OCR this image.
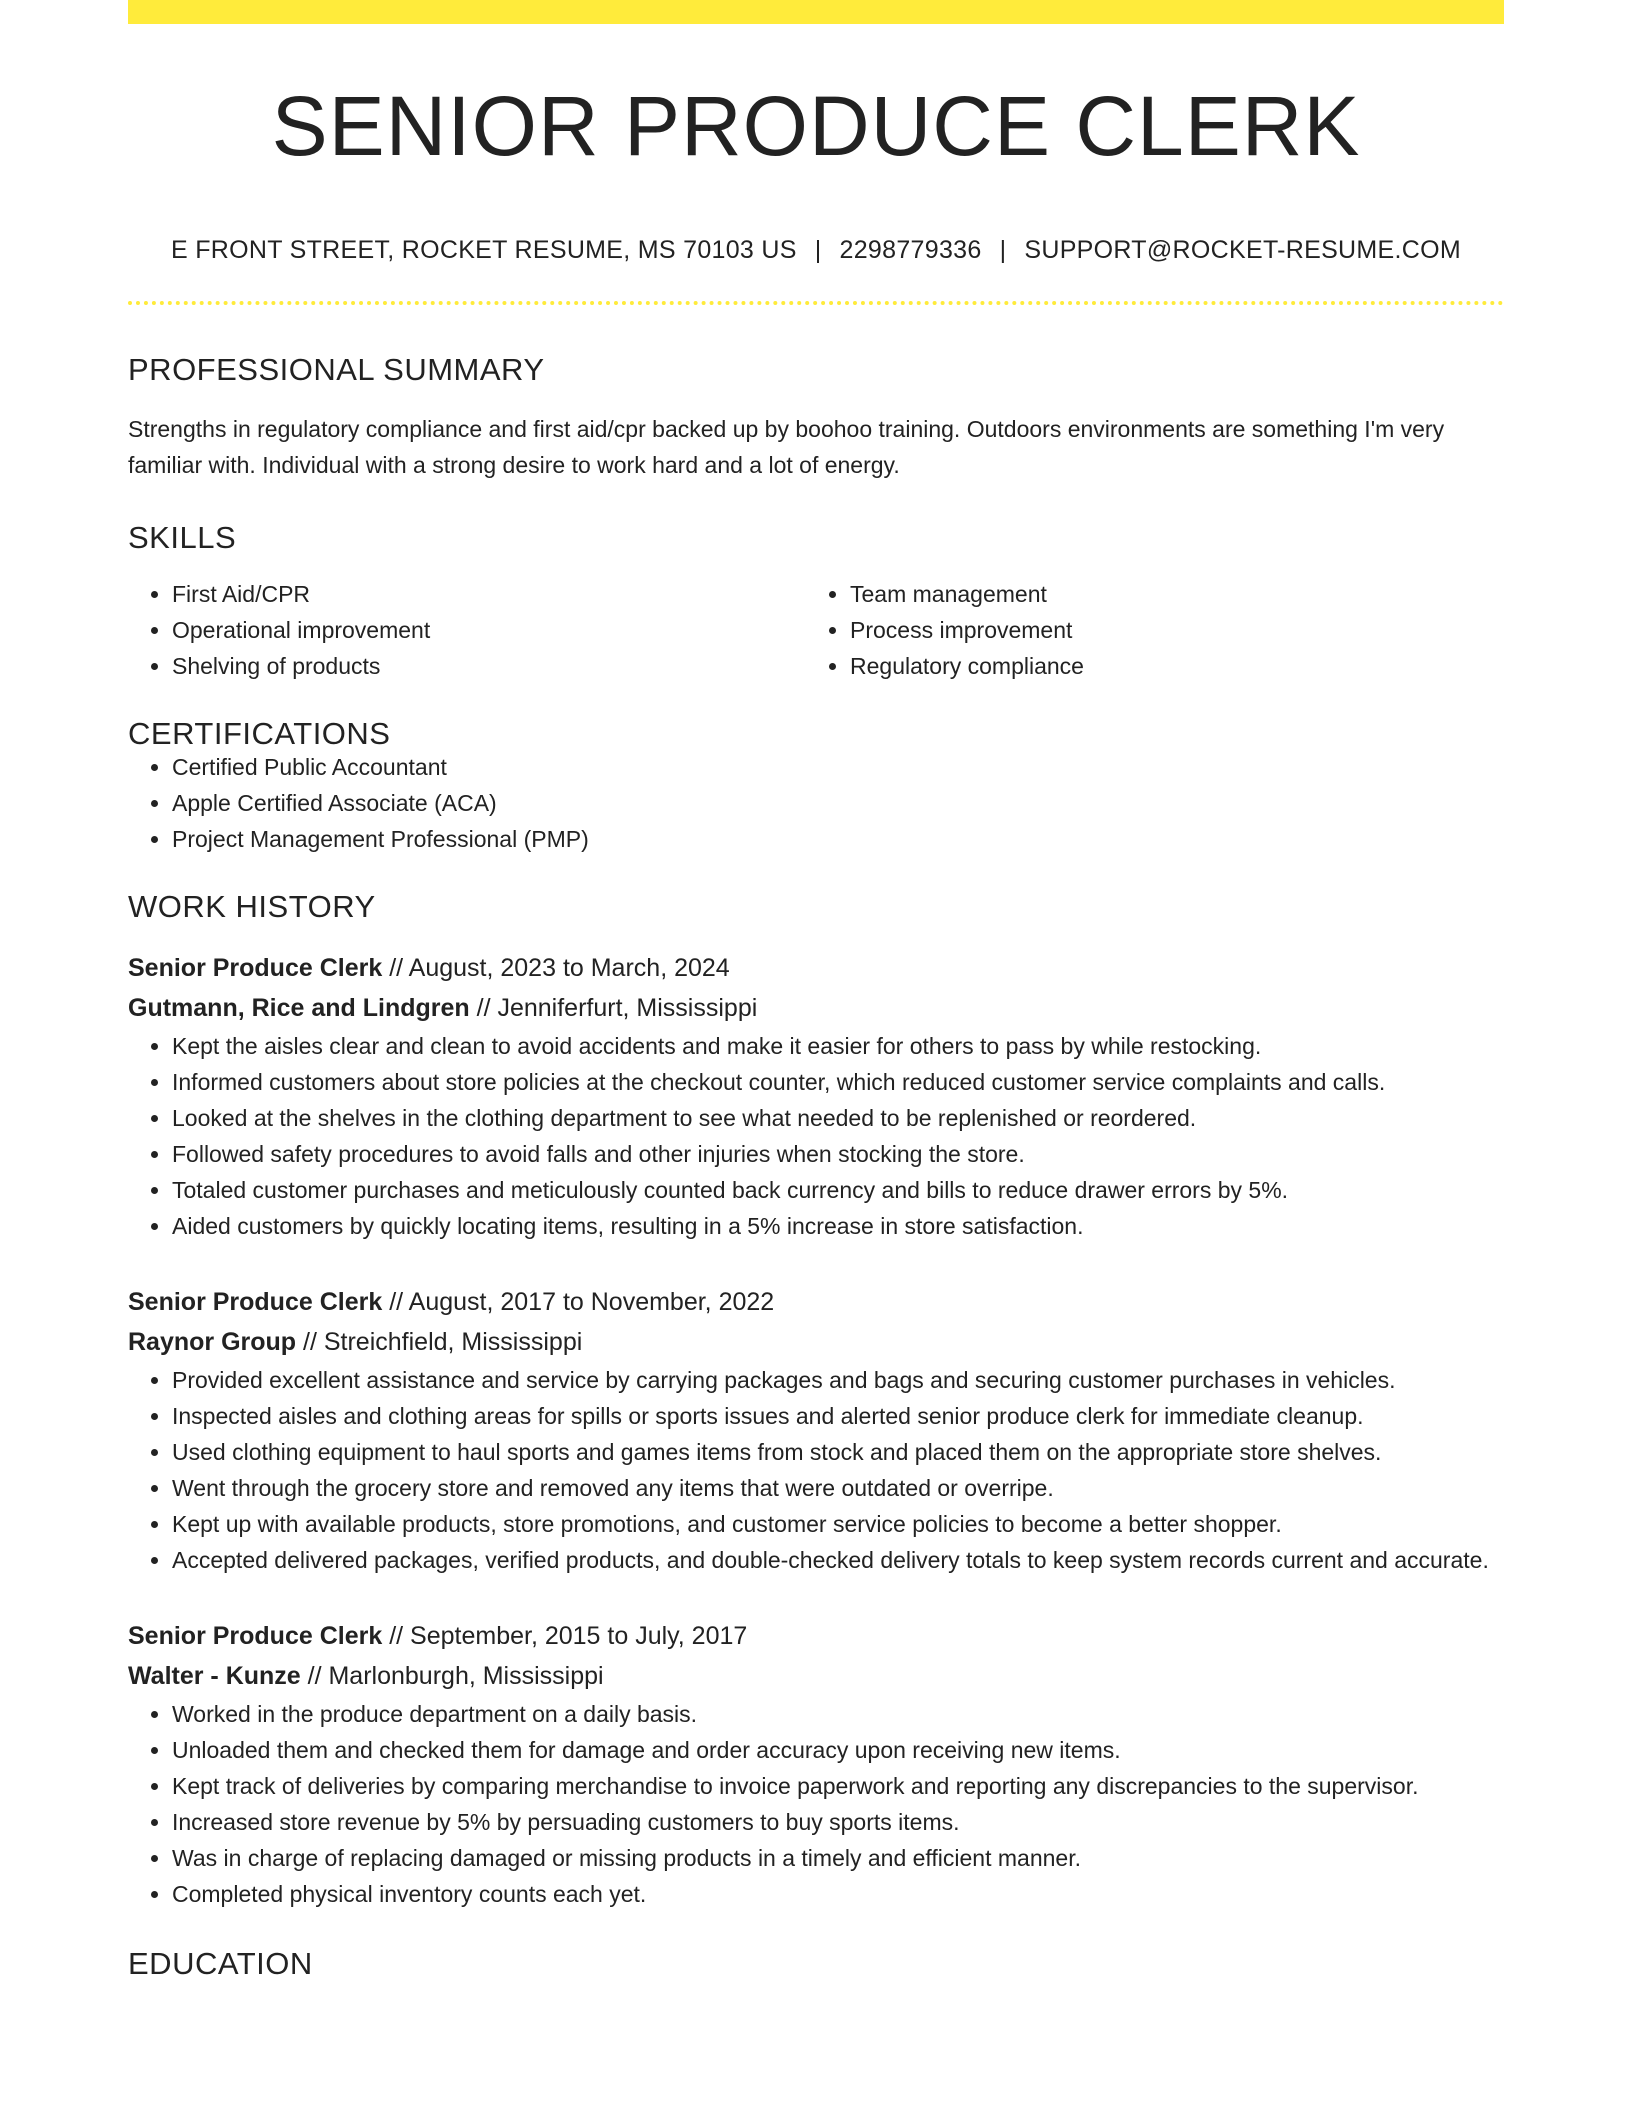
SENIOR PRODUCE CLERK
E FRONT STREET, ROCKET RESUME, MS 70103 US | 2298779336 | SUPPORT@ROCKET-RESUME.COM
PROFESSIONAL SUMMARY
Strengths in regulatory compliance and first aid/cpr backed up by boohoo training. Outdoors environments are something I'm very familiar with. Individual with a strong desire to work hard and a lot of energy.
SKILLS
• First Aid/CPR
• Operational improvement
• Shelving of products
• Team management
• Process improvement
• Regulatory compliance
CERTIFICATIONS
• Certified Public Accountant
• Apple Certified Associate (ACA)
• Project Management Professional (PMP)
WORK HISTORY
Senior Produce Clerk // August, 2023 to March, 2024
Gutmann, Rice and Lindgren // Jenniferfurt, Mississippi
• Kept the aisles clear and clean to avoid accidents and make it easier for others to pass by while restocking.
• Informed customers about store policies at the checkout counter, which reduced customer service complaints and calls.
• Looked at the shelves in the clothing department to see what needed to be replenished or reordered.
• Followed safety procedures to avoid falls and other injuries when stocking the store.
• Totaled customer purchases and meticulously counted back currency and bills to reduce drawer errors by 5%.
• Aided customers by quickly locating items, resulting in a 5% increase in store satisfaction.
Senior Produce Clerk // August, 2017 to November, 2022
Raynor Group // Streichfield, Mississippi
• Provided excellent assistance and service by carrying packages and bags and securing customer purchases in vehicles.
• Inspected aisles and clothing areas for spills or sports issues and alerted senior produce clerk for immediate cleanup.
• Used clothing equipment to haul sports and games items from stock and placed them on the appropriate store shelves.
• Went through the grocery store and removed any items that were outdated or overripe.
• Kept up with available products, store promotions, and customer service policies to become a better shopper.
• Accepted delivered packages, verified products, and double-checked delivery totals to keep system records current and accurate.
Senior Produce Clerk // September, 2015 to July, 2017
Walter - Kunze // Marlonburgh, Mississippi
• Worked in the produce department on a daily basis.
• Unloaded them and checked them for damage and order accuracy upon receiving new items.
• Kept track of deliveries by comparing merchandise to invoice paperwork and reporting any discrepancies to the supervisor.
• Increased store revenue by 5% by persuading customers to buy sports items.
• Was in charge of replacing damaged or missing products in a timely and efficient manner.
• Completed physical inventory counts each yet.
EDUCATION
